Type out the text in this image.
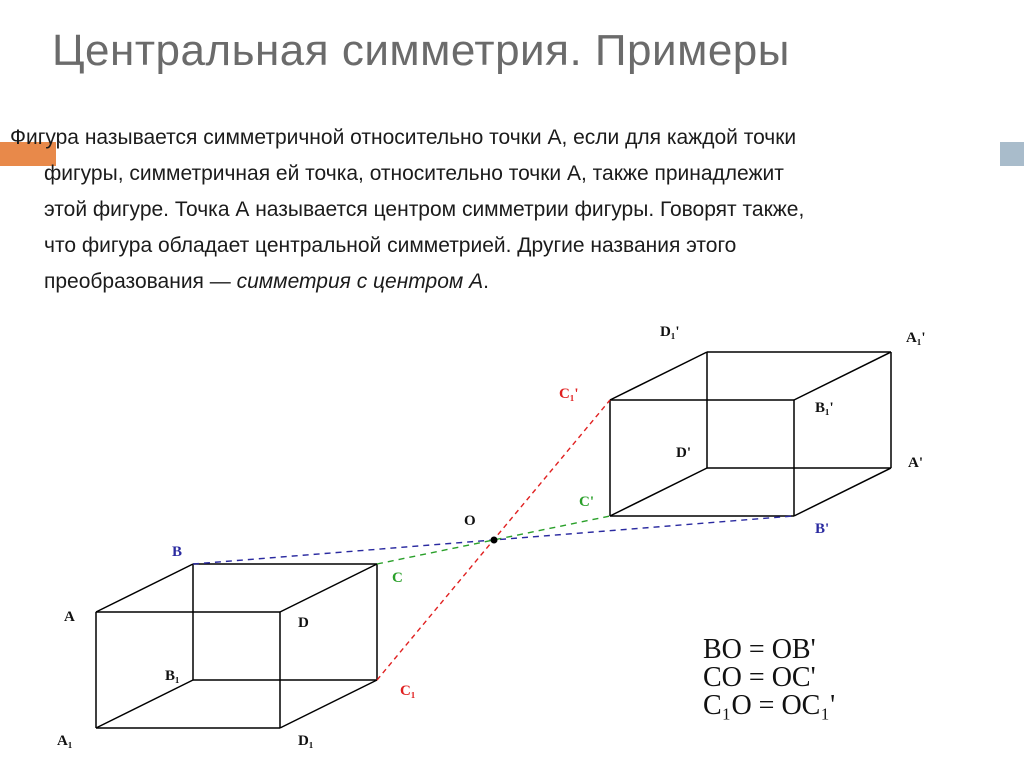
Центральная симметрия. Примеры
Фигура называется симметричной относительно точки А, если для каждой точки
фигуры, симметричная ей точка, относительно точки А, также принадлежит
этой фигуре. Точка А называется центром симметрии фигуры. Говорят также,
что фигура обладает центральной симметрией. Другие названия этого
преобразования — симметрия с центром А.
A
B
C
D
A₁
B₁
C₁
D₁
O
A'
B'
C'
D'
A₁'
B₁'
C₁'
D₁'
BO = OB'
CO = OC'
C₁O = OC₁'
